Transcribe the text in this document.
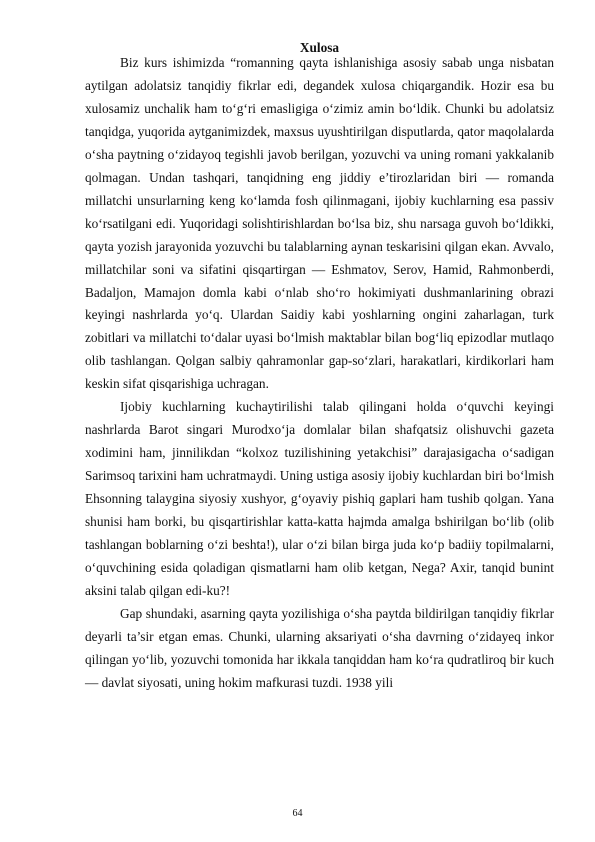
Xulosa

Biz kurs ishimizda “romanning qayta ishlanishiga asosiy sabab unga nisbatan aytilgan adolatsiz tanqidiy fikrlar edi, degandek xulosa chiqargandik. Hozir esa bu xulosamiz unchalik ham to‘g‘ri emasligiga o‘zimiz amin bo‘ldik. Chunki bu adolatsiz tanqidga, yuqorida aytganimizdek, maxsus uyushtirilgan disputlarda, qator maqolalarda o‘sha paytning o‘zidayoq tegishli javob berilgan, yozuvchi va uning romani yakkalanib qolmagan. Undan tashqari, tanqidning eng jiddiy e’tirozlaridan biri — romanda millatchi unsurlarning keng ko‘lamda fosh qilinmagani, ijobiy kuchlarning esa passiv ko‘rsatilgani edi. Yuqoridagi solishtirishlardan bo‘lsa biz, shu narsaga guvoh bo‘ldikki, qayta yozish jarayonida yozuvchi bu talablarning aynan teskarisini qilgan ekan. Avvalo, millatchilar soni va sifatini qisqartirgan — Eshmatov, Serov, Hamid, Rahmonberdi, Badaljon, Mamajon domla kabi o‘nlab sho‘ro hokimiyati dushmanlarining obrazi keyingi nashrlarda yo‘q. Ulardan Saidiy kabi yoshlarning ongini zaharlagan, turk zobitlari va millatchi to‘dalar uyasi bo‘lmish maktablar bilan bog‘liq epizodlar mutlaqo olib tashlangan. Qolgan salbiy qahramonlar gap-so‘zlari, harakatlari, kirdikorlari ham keskin sifat qisqarishiga uchragan.

Ijobiy kuchlarning kuchaytirilishi talab qilingani holda o‘quvchi keyingi nashrlarda Barot singari Murodxo‘ja domlalar bilan shafqatsiz olishuvchi gazeta xodimini ham, jinnilikdan “kolxoz tuzilishining yetakchisi” darajasigacha o‘sadigan Sarimsoq tarixini ham uchratmaydi. Uning ustiga asosiy ijobiy kuchlardan biri bo‘lmish Ehsonning talaygina siyosiy xushyor, g‘oyaviy pishiq gaplari ham tushib qolgan. Yana shunisi ham borki, bu qisqartirishlar katta-katta hajmda amalga bshirilgan bo‘lib (olib tashlangan boblarning o‘zi beshta!), ular o‘zi bilan birga juda ko‘p badiiy topilmalarni, o‘quvchining esida qoladigan qismatlarni ham olib ketgan, Nega? Axir, tanqid bunint aksini talab qilgan edi-ku?!

Gap shundaki, asarning qayta yozilishiga o‘sha paytda bildirilgan tanqidiy fikrlar deyarli ta’sir etgan emas. Chunki, ularning aksariyati o‘sha davrning o‘zidayeq inkor qilingan yo‘lib, yozuvchi tomonida har ikkala tanqiddan ham ko‘ra qudratliroq bir kuch — davlat siyosati, uning hokim mafkurasi tuzdi. 1938 yili

64
